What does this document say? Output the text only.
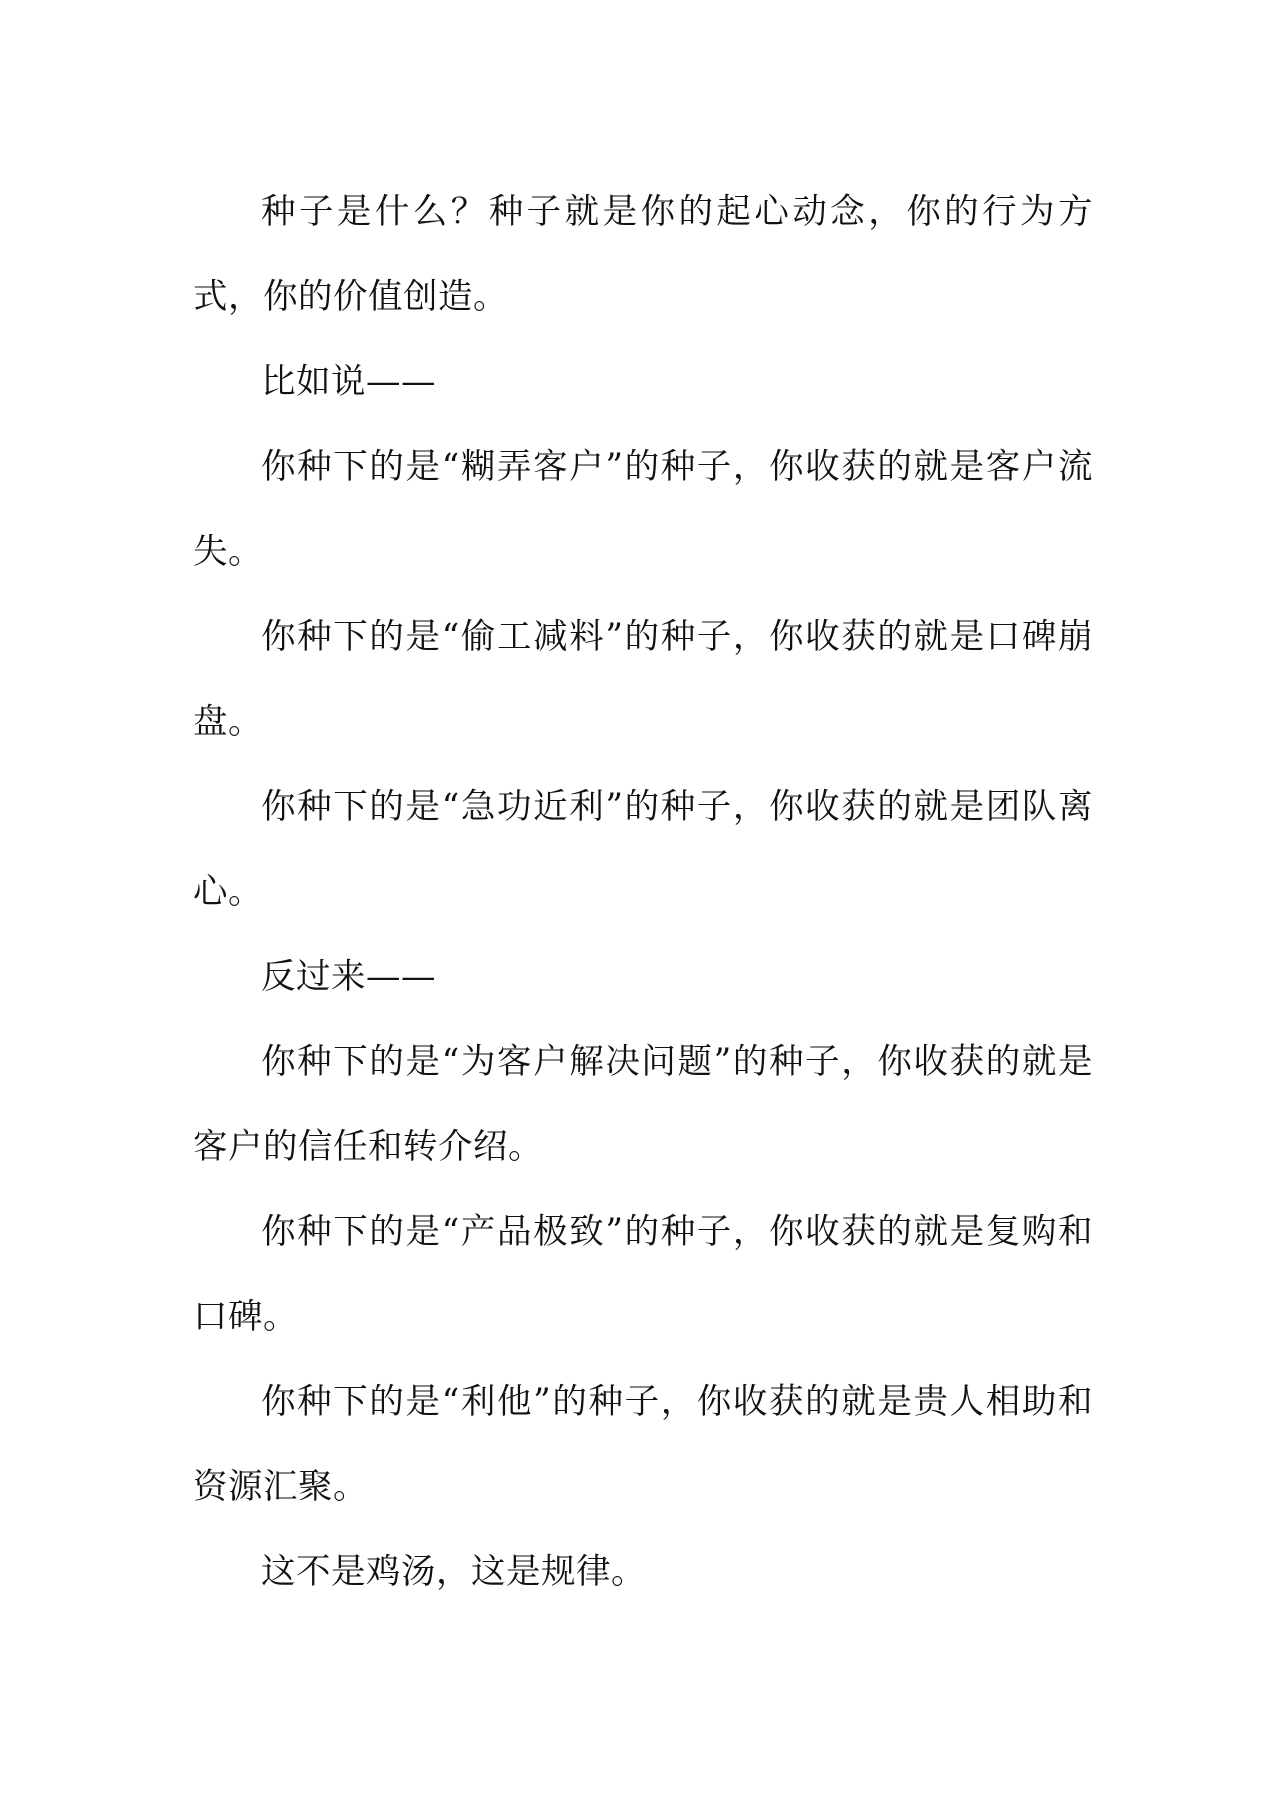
种子是什么？种子就是你的起心动念，你的行为方式，你的价值创造。

比如说——

你种下的是“糊弄客户”的种子，你收获的就是客户流失。

你种下的是“偷工减料”的种子，你收获的就是口碑崩盘。

你种下的是“急功近利”的种子，你收获的就是团队离心。

反过来——

你种下的是“为客户解决问题”的种子，你收获的就是客户的信任和转介绍。

你种下的是“产品极致”的种子，你收获的就是复购和口碑。

你种下的是“利他”的种子，你收获的就是贵人相助和资源汇聚。

这不是鸡汤，这是规律。
